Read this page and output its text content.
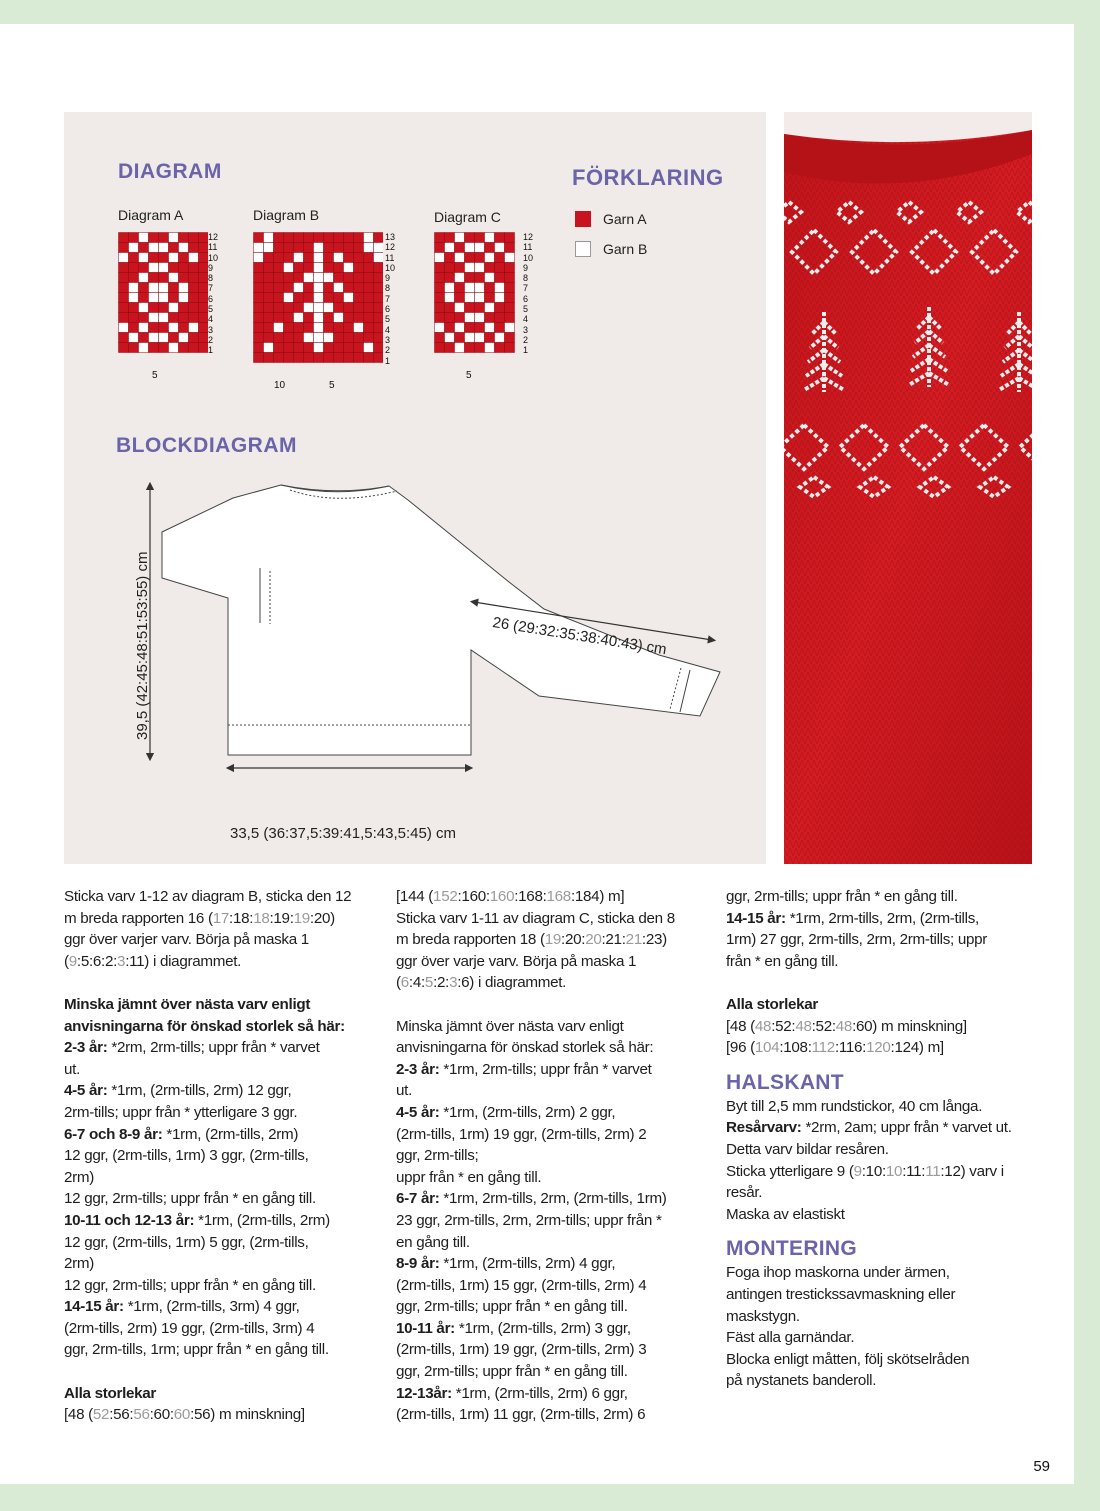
DIAGRAM	FÖRKLARING
Diagram A
12
11
10
9
8
7
6
5
4
3
2
1
5
Diagram B
13
12
11
10
9
8
7
6
5
4
3
2
1
10	5
Diagram C
12
11
10
9
8
7
6
5
4
3
2
1
5
Garn A
Garn B
BLOCKDIAGRAM
39,5 (42:45:48:51:53:55) cm
33,5 (36:37,5:39:41,5:43,5:45) cm
26 (29:32:35:38:40:43) cm

Sticka varv 1-12 av diagram B, sticka den 12

m breda rapporten 16 (17:18:18:19:19:20)

ggr över varjer varv. Börja på maska 1

(9:5:6:2:3:11) i diagrammet.

Minska jämnt över nästa varv enligt

anvisningarna för önskad storlek så här:

2-3 år: *2rm, 2rm-tills; uppr från * varvet

ut.

4-5 år: *1rm, (2rm-tills, 2rm) 12 ggr,

2rm-tills; uppr från * ytterligare 3 ggr.

6-7 och 8-9 år: *1rm, (2rm-tills, 2rm)

12 ggr, (2rm-tills, 1rm) 3 ggr, (2rm-tills,

2rm)

12 ggr, 2rm-tills; uppr från * en gång till.

10-11 och 12-13 år: *1rm, (2rm-tills, 2rm)

12 ggr, (2rm-tills, 1rm) 5 ggr, (2rm-tills,

2rm)

12 ggr, 2rm-tills; uppr från * en gång till.

14-15 år: *1rm, (2rm-tills, 3rm) 4 ggr,

(2rm-tills, 2rm) 19 ggr, (2rm-tills, 3rm) 4

ggr, 2rm-tills, 1rm; uppr från * en gång till.

Alla storlekar

[48 (52:56:56:60:60:56) m minskning]

[144 (152:160:160:168:168:184) m]

Sticka varv 1-11 av diagram C, sticka den 8

m breda rapporten 18 (19:20:20:21:21:23)

ggr över varje varv. Börja på maska 1

(6:4:5:2:3:6) i diagrammet.

Minska jämnt över nästa varv enligt

anvisningarna för önskad storlek så här:

2-3 år: *1rm, 2rm-tills; uppr från * varvet

ut.

4-5 år: *1rm, (2rm-tills, 2rm) 2 ggr,

(2rm-tills, 1rm) 19 ggr, (2rm-tills, 2rm) 2

ggr, 2rm-tills;

uppr från * en gång till.

6-7 år: *1rm, 2rm-tills, 2rm, (2rm-tills, 1rm)

23 ggr, 2rm-tills, 2rm, 2rm-tills; uppr från *

en gång till.

8-9 år: *1rm, (2rm-tills, 2rm) 4 ggr,

(2rm-tills, 1rm) 15 ggr, (2rm-tills, 2rm) 4

ggr, 2rm-tills; uppr från * en gång till.

10-11 år: *1rm, (2rm-tills, 2rm) 3 ggr,

(2rm-tills, 1rm) 19 ggr, (2rm-tills, 2rm) 3

ggr, 2rm-tills; uppr från * en gång till.

12-13år: *1rm, (2rm-tills, 2rm) 6 ggr,

(2rm-tills, 1rm) 11 ggr, (2rm-tills, 2rm) 6

ggr, 2rm-tills; uppr från * en gång till.

14-15 år: *1rm, 2rm-tills, 2rm, (2rm-tills,

1rm) 27 ggr, 2rm-tills, 2rm, 2rm-tills; uppr

från * en gång till.

Alla storlekar

[48 (48:52:48:52:48:60) m minskning]

[96 (104:108:112:116:120:124) m]

HALSKANT

Byt till 2,5 mm rundstickor, 40 cm långa.

Resårvarv: *2rm, 2am; uppr från * varvet ut.

Detta varv bildar resåren.

Sticka ytterligare 9 (9:10:10:11:11:12) varv i

resår.

Maska av elastiskt

MONTERING

Foga ihop maskorna under ärmen,

antingen trestickssavmaskning eller

maskstygn.

Fäst alla garnändar.

Blocka enligt måtten, följ skötselråden

på nystanets banderoll.

59
